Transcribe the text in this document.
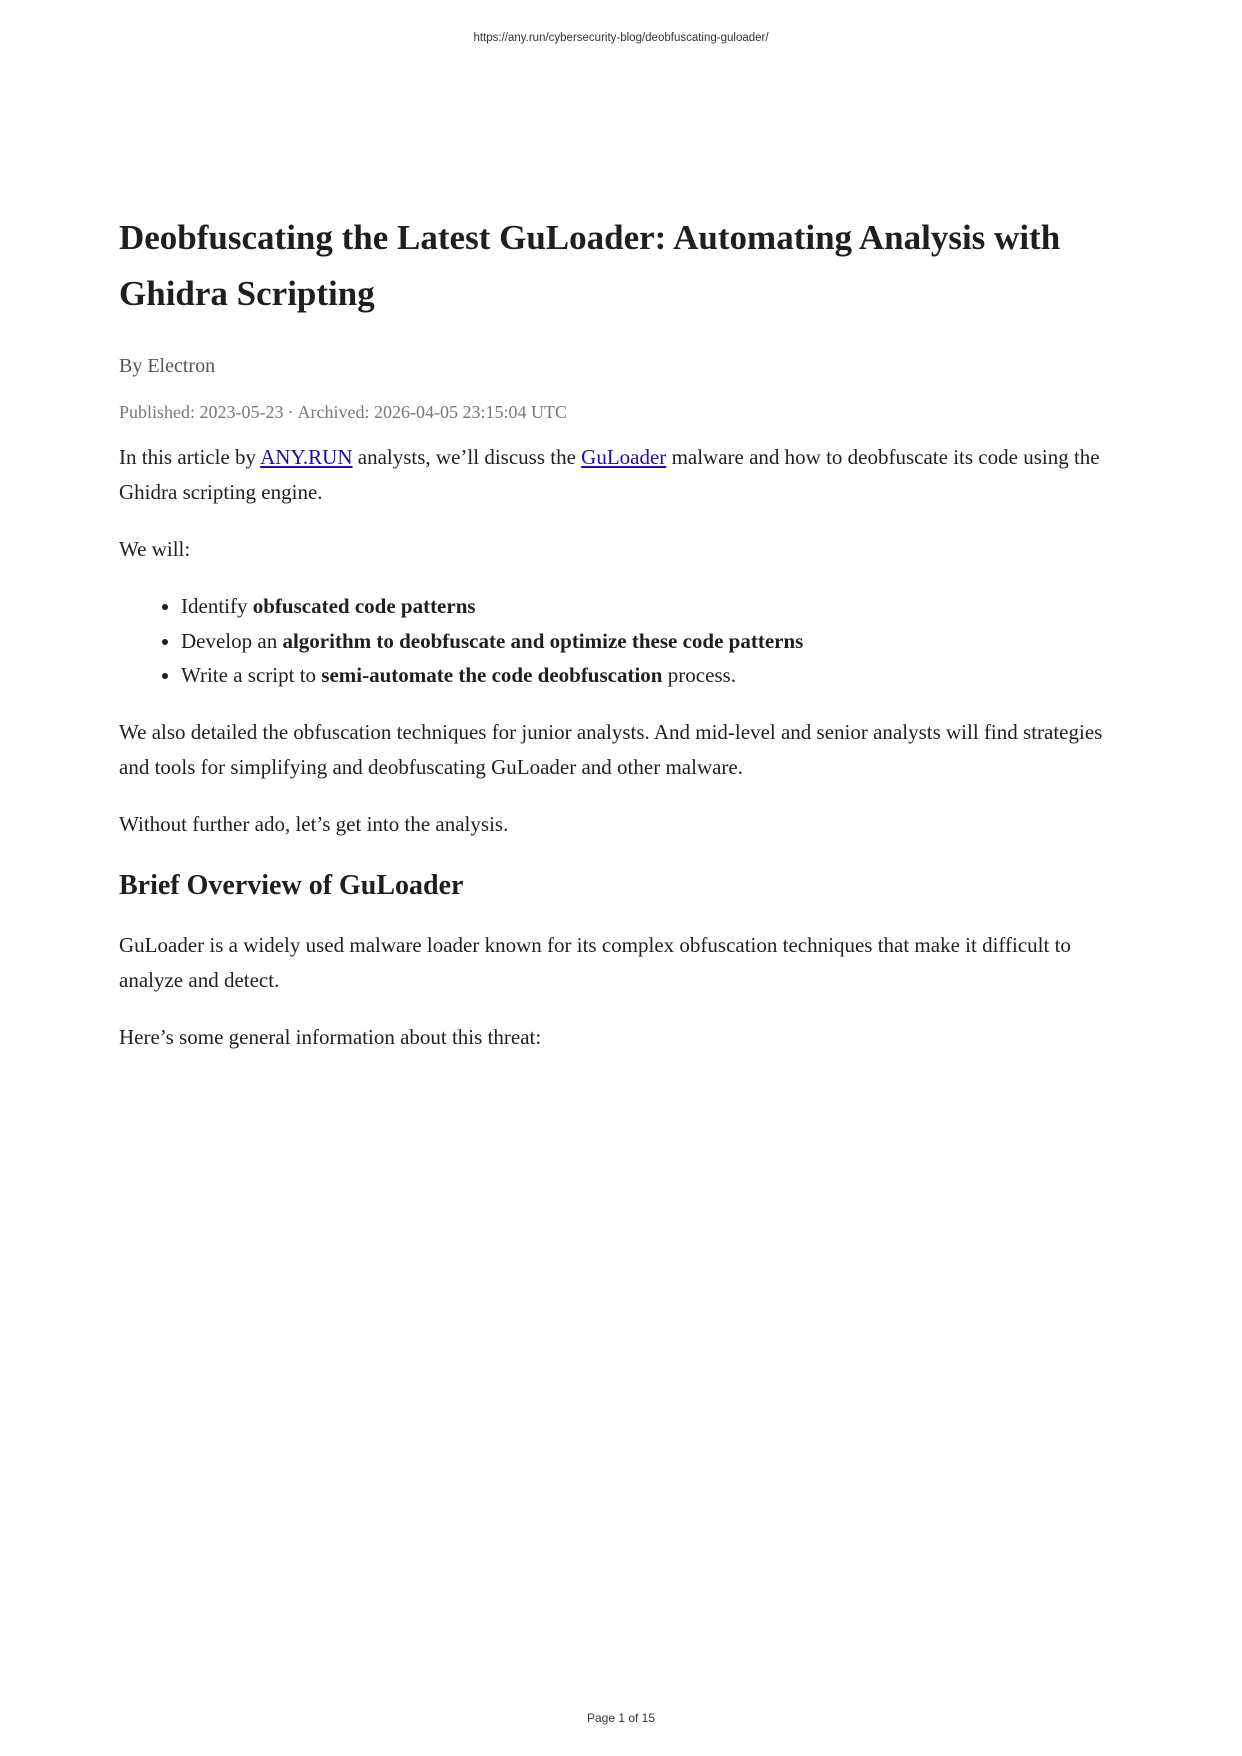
https://any.run/cybersecurity-blog/deobfuscating-guloader/
Deobfuscating the Latest GuLoader: Automating Analysis with Ghidra Scripting
By Electron
Published: 2023-05-23 · Archived: 2026-04-05 23:15:04 UTC

In this article by ANY.RUN analysts, we’ll discuss the GuLoader malware and how to deobfuscate its code using the Ghidra scripting engine.

We will:

• Identify obfuscated code patterns
• Develop an algorithm to deobfuscate and optimize these code patterns
• Write a script to semi-automate the code deobfuscation process.

We also detailed the obfuscation techniques for junior analysts. And mid-level and senior analysts will find strategies and tools for simplifying and deobfuscating GuLoader and other malware.

Without further ado, let’s get into the analysis.

Brief Overview of GuLoader

GuLoader is a widely used malware loader known for its complex obfuscation techniques that make it difficult to analyze and detect.

Here’s some general information about this threat:

Page 1 of 15
